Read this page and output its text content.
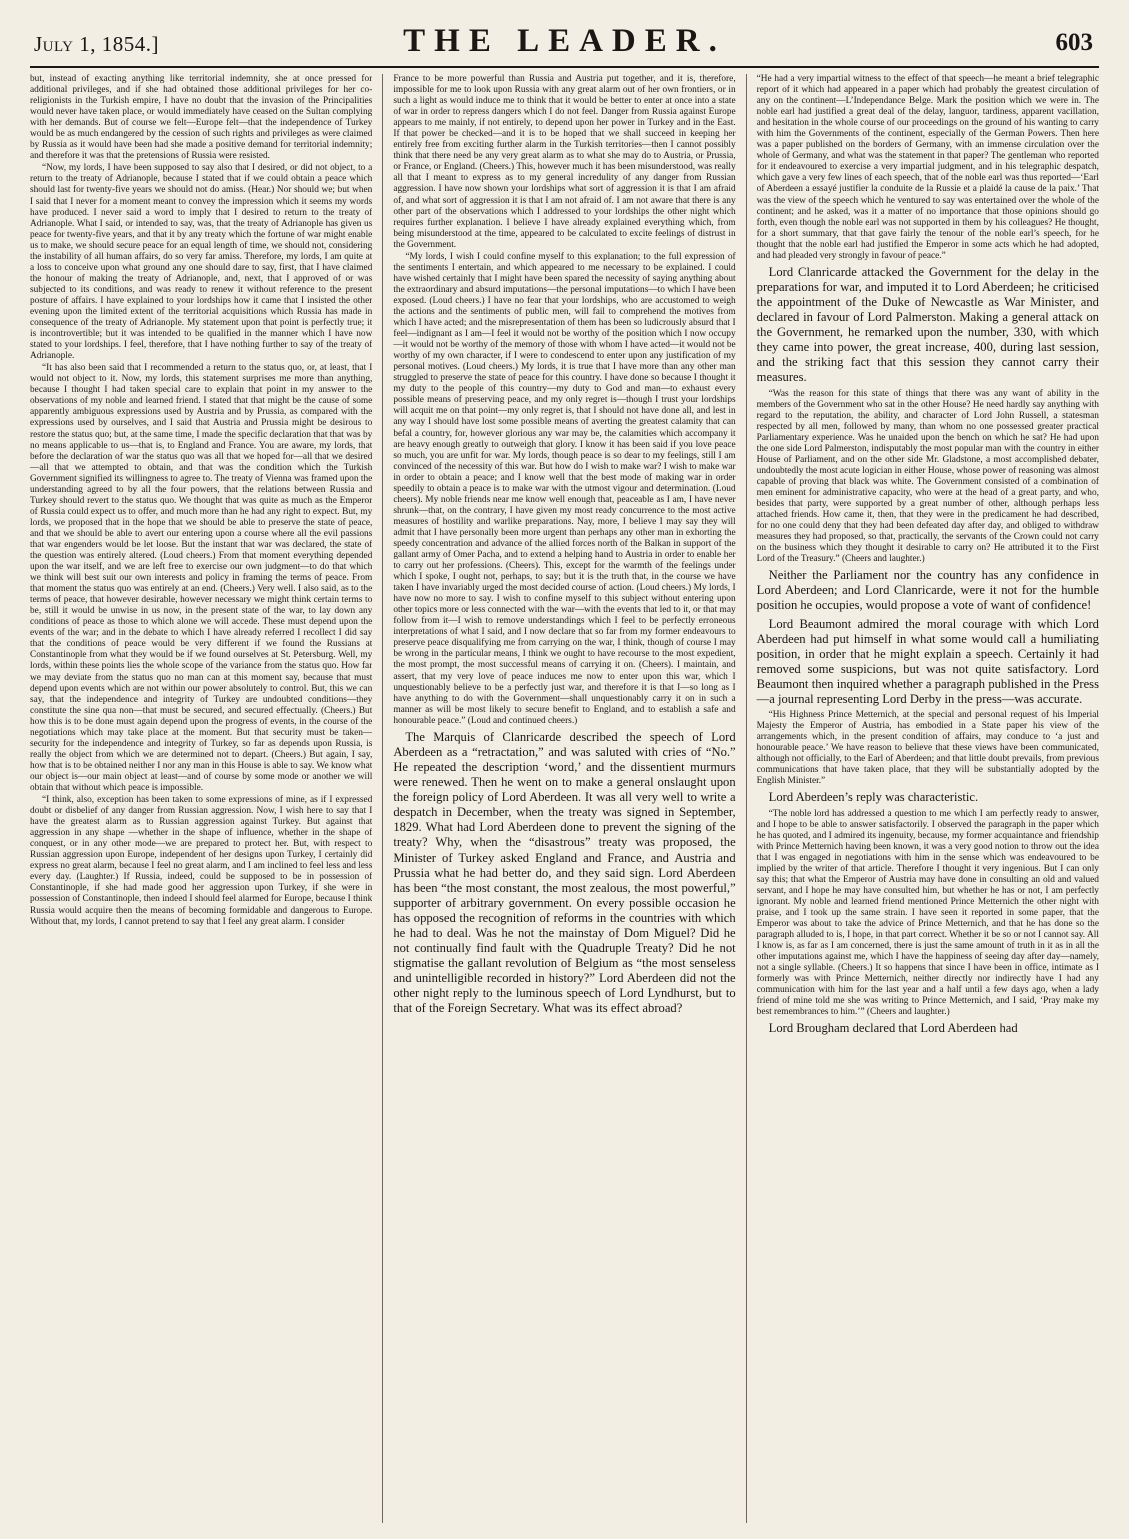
July 1, 1854.]	THE LEADER.	603

but, instead of exacting anything like territorial indemnity, she at once pressed for additional privileges, and if she had obtained those additional privileges for her co-religionists in the Turkish empire, I have no doubt that the invasion of the Principalities would never have taken place, or would immediately have ceased on the Sultan complying with her demands. But of course we felt—Europe felt—that the independence of Turkey would be as much endangered by the cession of such rights and privileges as were claimed by Russia as it would have been had she made a positive demand for territorial indemnity; and therefore it was that the pretensions of Russia were resisted.

“Now, my lords, I have been supposed to say also that I desired, or did not object, to a return to the treaty of Adrianople, because I stated that if we could obtain a peace which should last for twenty-five years we should not do amiss. (Hear.) Nor should we; but when I said that I never for a moment meant to convey the impression which it seems my words have produced. I never said a word to imply that I desired to return to the treaty of Adrianople. What I said, or intended to say, was, that the treaty of Adrianople has given us peace for twenty-five years, and that it by any treaty which the fortune of war might enable us to make, we should secure peace for an equal length of time, we should not, considering the instability of all human affairs, do so very far amiss. Therefore, my lords, I am quite at a loss to conceive upon what ground any one should dare to say, first, that I have claimed the honour of making the treaty of Adrianople, and, next, that I approved of or was subjected to its conditions, and was ready to renew it without reference to the present posture of affairs. I have explained to your lordships how it came that I insisted the other evening upon the limited extent of the territorial acquisitions which Russia has made in consequence of the treaty of Adrianople. My statement upon that point is perfectly true; it is incontrovertible; but it was intended to be qualified in the manner which I have now stated to your lordships. I feel, therefore, that I have nothing further to say of the treaty of Adrianople.

“It has also been said that I recommended a return to the status quo, or, at least, that I would not object to it. Now, my lords, this statement surprises me more than anything, because I thought I had taken special care to explain that point in my answer to the observations of my noble and learned friend. I stated that that might be the cause of some apparently ambiguous expressions used by Austria and by Prussia, as compared with the expressions used by ourselves, and I said that Austria and Prussia might be desirous to restore the status quo; but, at the same time, I made the specific declaration that that was by no means applicable to us—that is, to England and France. You are aware, my lords, that before the declaration of war the status quo was all that we hoped for—all that we desired—all that we attempted to obtain, and that was the condition which the Turkish Government signified its willingness to agree to. The treaty of Vienna was framed upon the understanding agreed to by all the four powers, that the relations between Russia and Turkey should revert to the status quo. We thought that was quite as much as the Emperor of Russia could expect us to offer, and much more than he had any right to expect. But, my lords, we proposed that in the hope that we should be able to preserve the state of peace, and that we should be able to avert our entering upon a course where all the evil passions that war engenders would be let loose. But the instant that war was declared, the state of the question was entirely altered. (Loud cheers.) From that moment everything depended upon the war itself, and we are left free to exercise our own judgment—to do that which we think will best suit our own interests and policy in framing the terms of peace. From that moment the status quo was entirely at an end. (Cheers.) Very well. I also said, as to the terms of peace, that however desirable, however necessary we might think certain terms to be, still it would be unwise in us now, in the present state of the war, to lay down any conditions of peace as those to which alone we will accede. These must depend upon the events of the war; and in the debate to which I have already referred I recollect I did say that the conditions of peace would be very different if we found the Russians at Constantinople from what they would be if we found ourselves at St. Petersburg. Well, my lords, within these points lies the whole scope of the variance from the status quo. How far we may deviate from the status quo no man can at this moment say, because that must depend upon events which are not within our power absolutely to control. But, this we can say, that the independence and integrity of Turkey are undoubted conditions—they constitute the sine qua non—that must be secured, and secured effectually. (Cheers.) But how this is to be done must again depend upon the progress of events, in the course of the negotiations which may take place at the moment. But that security must be taken—security for the independence and integrity of Turkey, so far as depends upon Russia, is really the object from which we are determined not to depart. (Cheers.) But again, I say, how that is to be obtained neither I nor any man in this House is able to say. We know what our object is—our main object at least—and of course by some mode or another we will obtain that without which peace is impossible.

“I think, also, exception has been taken to some expressions of mine, as if I expressed doubt or disbelief of any danger from Russian aggression. Now, I wish here to say that I have the greatest alarm as to Russian aggression against Turkey. But against that aggression in any shape —whether in the shape of influence, whether in the shape of conquest, or in any other mode—we are prepared to protect her. But, with respect to Russian aggression upon Europe, independent of her designs upon Turkey, I certainly did express no great alarm, because I feel no great alarm, and I am inclined to feel less and less every day. (Laughter.) If Russia, indeed, could be supposed to be in possession of Constantinople, if she had made good her aggression upon Turkey, if she were in possession of Constantinople, then indeed I should feel alarmed for Europe, because I think Russia would acquire then the means of becoming formidable and dangerous to Europe. Without that, my lords, I cannot pretend to say that I feel any great alarm. I consider

France to be more powerful than Russia and Austria put together, and it is, therefore, impossible for me to look upon Russia with any great alarm out of her own frontiers, or in such a light as would induce me to think that it would be better to enter at once into a state of war in order to repress dangers which I do not feel. Danger from Russia against Europe appears to me mainly, if not entirely, to depend upon her power in Turkey and in the East. If that power be checked—and it is to be hoped that we shall succeed in keeping her entirely free from exciting further alarm in the Turkish territories—then I cannot possibly think that there need be any very great alarm as to what she may do to Austria, or Prussia, or France, or England. (Cheers.) This, however much it has been misunderstood, was really all that I meant to express as to my general incredulity of any danger from Russian aggression. I have now shown your lordships what sort of aggression it is that I am afraid of, and what sort of aggression it is that I am not afraid of. I am not aware that there is any other part of the observations which I addressed to your lordships the other night which requires further explanation. I believe I have already explained everything which, from being misunderstood at the time, appeared to be calculated to excite feelings of distrust in the Government.

“My lords, I wish I could confine myself to this explanation; to the full expression of the sentiments I entertain, and which appeared to me necessary to be explained. I could have wished certainly that I might have been spared the necessity of saying anything about the extraordinary and absurd imputations—the personal imputations—to which I have been exposed. (Loud cheers.) I have no fear that your lordships, who are accustomed to weigh the actions and the sentiments of public men, will fail to comprehend the motives from which I have acted; and the misrepresentation of them has been so ludicrously absurd that I feel—indignant as I am—I feel it would not be worthy of the position which I now occupy—it would not be worthy of the memory of those with whom I have acted—it would not be worthy of my own character, if I were to condescend to enter upon any justification of my personal motives. (Loud cheers.) My lords, it is true that I have more than any other man struggled to preserve the state of peace for this country. I have done so because I thought it my duty to the people of this country—my duty to God and man—to exhaust every possible means of preserving peace, and my only regret is—though I trust your lordships will acquit me on that point—my only regret is, that I should not have done all, and lest in any way I should have lost some possible means of averting the greatest calamity that can befal a country, for, however glorious any war may be, the calamities which accompany it are heavy enough greatly to outweigh that glory. I know it has been said if you love peace so much, you are unfit for war. My lords, though peace is so dear to my feelings, still I am convinced of the necessity of this war. But how do I wish to make war? I wish to make war in order to obtain a peace; and I know well that the best mode of making war in order speedily to obtain a peace is to make war with the utmost vigour and determination. (Loud cheers). My noble friends near me know well enough that, peaceable as I am, I have never shrunk—that, on the contrary, I have given my most ready concurrence to the most active measures of hostility and warlike preparations. Nay, more, I believe I may say they will admit that I have personally been more urgent than perhaps any other man in exhorting the speedy concentration and advance of the allied forces north of the Balkan in support of the gallant army of Omer Pacha, and to extend a helping hand to Austria in order to enable her to carry out her professions. (Cheers). This, except for the warmth of the feelings under which I spoke, I ought not, perhaps, to say; but it is the truth that, in the course we have taken I have invariably urged the most decided course of action. (Loud cheers.) My lords, I have now no more to say. I wish to confine myself to this subject without entering upon other topics more or less connected with the war—with the events that led to it, or that may follow from it—I wish to remove understandings which I feel to be perfectly erroneous interpretations of what I said, and I now declare that so far from my former endeavours to preserve peace disqualifying me from carrying on the war, I think, though of course I may be wrong in the particular means, I think we ought to have recourse to the most expedient, the most prompt, the most successful means of carrying it on. (Cheers). I maintain, and assert, that my very love of peace induces me now to enter upon this war, which I unquestionably believe to be a perfectly just war, and therefore it is that I—so long as I have anything to do with the Government—shall unquestionably carry it on in such a manner as will be most likely to secure benefit to England, and to establish a safe and honourable peace.” (Loud and continued cheers.)

The Marquis of Clanricarde described the speech of Lord Aberdeen as a “retractation,” and was saluted with cries of “No.” He repeated the description ‘word,’ and the dissentient murmurs were renewed. Then he went on to make a general onslaught upon the foreign policy of Lord Aberdeen. It was all very well to write a despatch in December, when the treaty was signed in September, 1829. What had Lord Aberdeen done to prevent the signing of the treaty? Why, when the “disastrous” treaty was proposed, the Minister of Turkey asked England and France, and Austria and Prussia what he had better do, and they said sign. Lord Aberdeen has been “the most constant, the most zealous, the most powerful,” supporter of arbitrary government. On every possible occasion he has opposed the recognition of reforms in the countries with which he had to deal. Was he not the mainstay of Dom Miguel? Did he not continually find fault with the Quadruple Treaty? Did he not stigmatise the gallant revolution of Belgium as “the most senseless and unintelligible recorded in history?” Lord Aberdeen did not the other night reply to the luminous speech of Lord Lyndhurst, but to that of the Foreign Secretary. What was its effect abroad?

“He had a very impartial witness to the effect of that speech—he meant a brief telegraphic report of it which had appeared in a paper which had probably the greatest circulation of any on the continent—L’Independance Belge. Mark the position which we were in. The noble earl had justified a great deal of the delay, languor, tardiness, apparent vacillation, and hesitation in the whole course of our proceedings on the ground of his wanting to carry with him the Governments of the continent, especially of the German Powers. Then here was a paper published on the borders of Germany, with an immense circulation over the whole of Germany, and what was the statement in that paper? The gentleman who reported for it endeavoured to exercise a very impartial judgment, and in his telegraphic despatch, which gave a very few lines of each speech, that of the noble earl was thus reported—‘Earl of Aberdeen a essayé justifier la conduite de la Russie et a plaidé la cause de la paix.’ That was the view of the speech which he ventured to say was entertained over the whole of the continent; and he asked, was it a matter of no importance that those opinions should go forth, even though the noble earl was not supported in them by his colleagues? He thought, for a short summary, that that gave fairly the tenour of the noble earl’s speech, for he thought that the noble earl had justified the Emperor in some acts which he had adopted, and had pleaded very strongly in favour of peace.”

Lord Clanricarde attacked the Government for the delay in the preparations for war, and imputed it to Lord Aberdeen; he criticised the appointment of the Duke of Newcastle as War Minister, and declared in favour of Lord Palmerston. Making a general attack on the Government, he remarked upon the number, 330, with which they came into power, the great increase, 400, during last session, and the striking fact that this session they cannot carry their measures.

“Was the reason for this state of things that there was any want of ability in the members of the Government who sat in the other House? He need hardly say anything with regard to the reputation, the ability, and character of Lord John Russell, a statesman respected by all men, followed by many, than whom no one possessed greater practical Parliamentary experience. Was he unaided upon the bench on which he sat? He had upon the one side Lord Palmerston, indisputably the most popular man with the country in either House of Parliament, and on the other side Mr. Gladstone, a most accomplished debater, undoubtedly the most acute logician in either House, whose power of reasoning was almost capable of proving that black was white. The Government consisted of a combination of men eminent for administrative capacity, who were at the head of a great party, and who, besides that party, were supported by a great number of other, although perhaps less attached friends. How came it, then, that they were in the predicament he had described, for no one could deny that they had been defeated day after day, and obliged to withdraw measures they had proposed, so that, practically, the servants of the Crown could not carry on the business which they thought it desirable to carry on? He attributed it to the First Lord of the Treasury.” (Cheers and laughter.)

Neither the Parliament nor the country has any confidence in Lord Aberdeen; and Lord Clanricarde, were it not for the humble position he occupies, would propose a vote of want of confidence!

Lord Beaumont admired the moral courage with which Lord Aberdeen had put himself in what some would call a humiliating position, in order that he might explain a speech. Certainly it had removed some suspicions, but was not quite satisfactory. Lord Beaumont then inquired whether a paragraph published in the Press—a journal representing Lord Derby in the press—was accurate.

“His Highness Prince Metternich, at the special and personal request of his Imperial Majesty the Emperor of Austria, has embodied in a State paper his view of the arrangements which, in the present condition of affairs, may conduce to ‘a just and honourable peace.’ We have reason to believe that these views have been communicated, although not officially, to the Earl of Aberdeen; and that little doubt prevails, from previous communications that have taken place, that they will be substantially adopted by the English Minister.”

Lord Aberdeen’s reply was characteristic.

“The noble lord has addressed a question to me which I am perfectly ready to answer, and I hope to be able to answer satisfactorily. I observed the paragraph in the paper which he has quoted, and I admired its ingenuity, because, my former acquaintance and friendship with Prince Metternich having been known, it was a very good notion to throw out the idea that I was engaged in negotiations with him in the sense which was endeavoured to be implied by the writer of that article. Therefore I thought it very ingenious. But I can only say this; that what the Emperor of Austria may have done in consulting an old and valued servant, and I hope he may have consulted him, but whether he has or not, I am perfectly ignorant. My noble and learned friend mentioned Prince Metternich the other night with praise, and I took up the same strain. I have seen it reported in some paper, that the Emperor was about to take the advice of Prince Metternich, and that he has done so the paragraph alluded to is, I hope, in that part correct. Whether it be so or not I cannot say. All I know is, as far as I am concerned, there is just the same amount of truth in it as in all the other imputations against me, which I have the happiness of seeing day after day—namely, not a single syllable. (Cheers.) It so happens that since I have been in office, intimate as I formerly was with Prince Metternich, neither directly nor indirectly have I had any communication with him for the last year and a half until a few days ago, when a lady friend of mine told me she was writing to Prince Metternich, and I said, ‘Pray make my best remembrances to him.’” (Cheers and laughter.)

Lord Brougham declared that Lord Aberdeen had
